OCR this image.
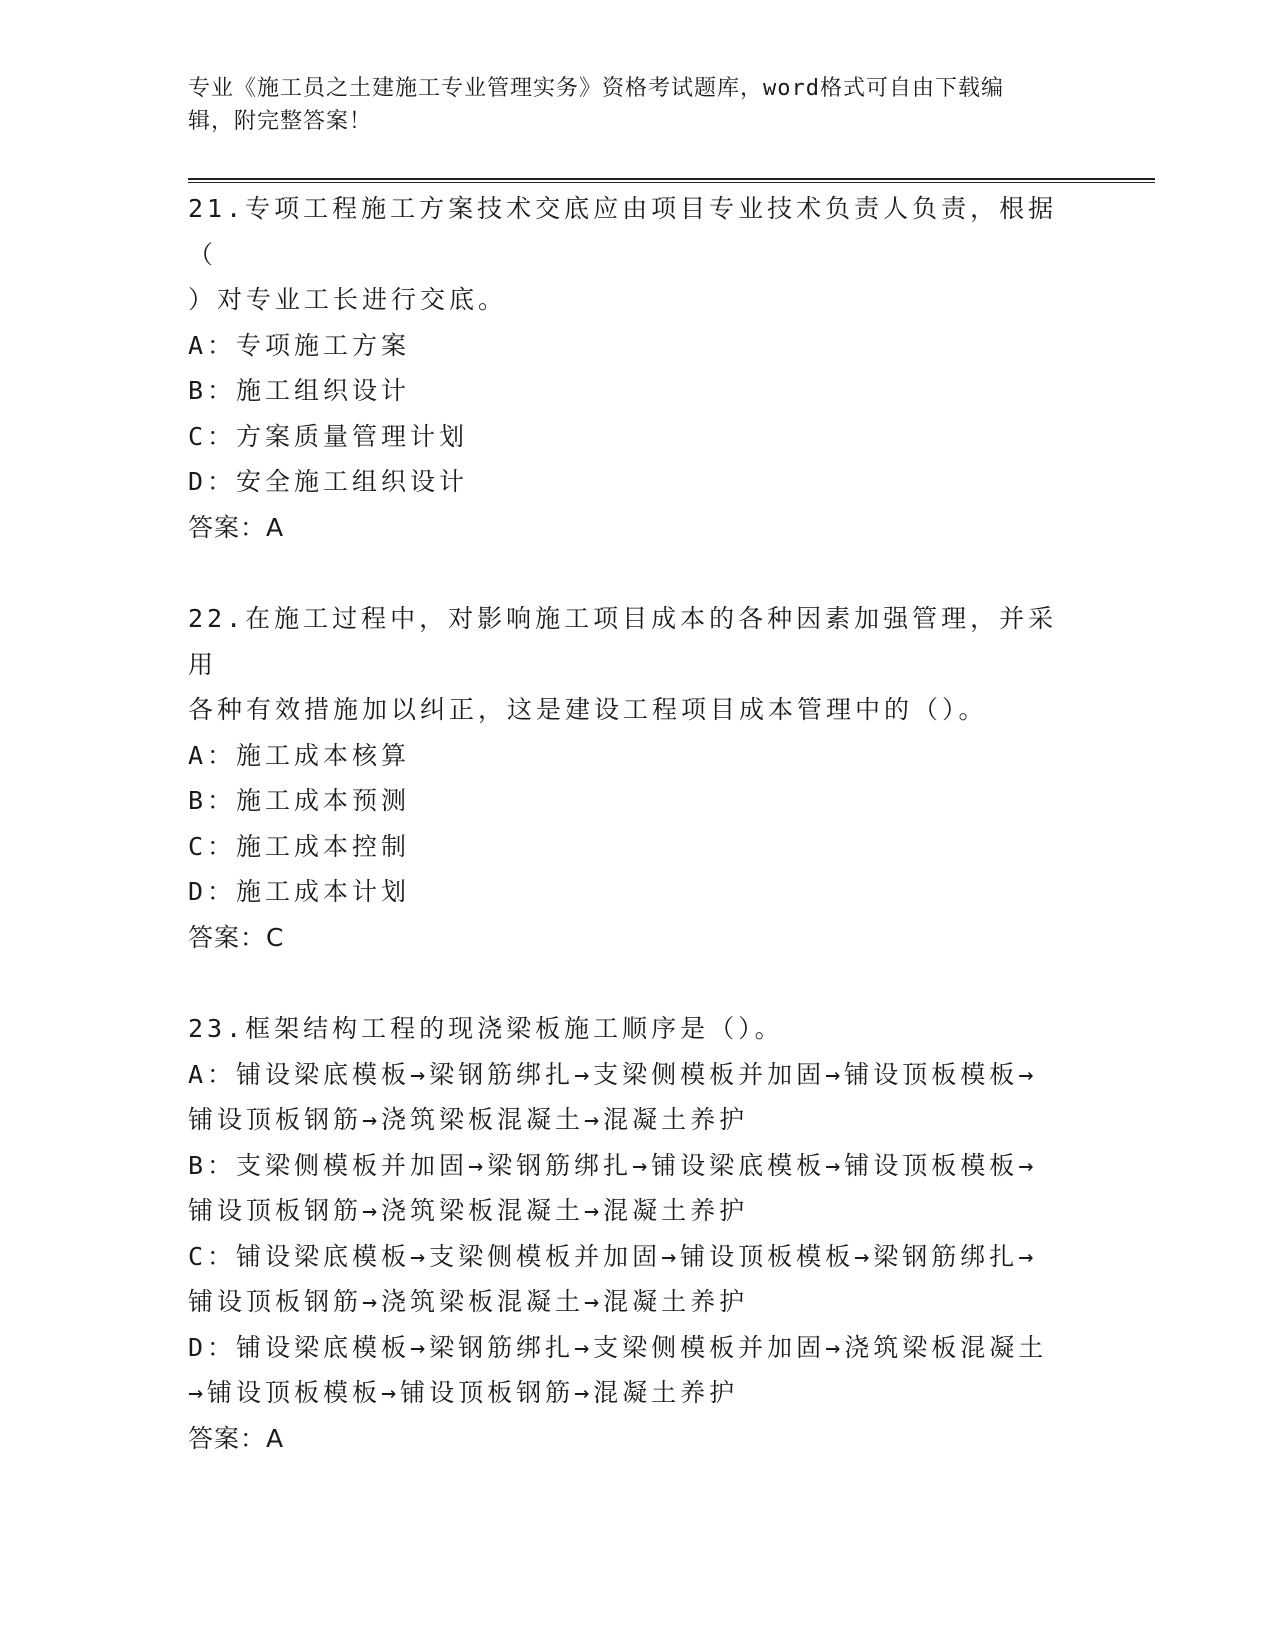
专业《施工员之土建施工专业管理实务》资格考试题库，word格式可自由下载编
辑，附完整答案！
21.专项工程施工方案技术交底应由项目专业技术负责人负责，根据（
）对专业工长进行交底。
A：专项施工方案
B：施工组织设计
C：方案质量管理计划
D：安全施工组织设计
答案：A
22.在施工过程中，对影响施工项目成本的各种因素加强管理，并采用
各种有效措施加以纠正，这是建设工程项目成本管理中的（）。
A：施工成本核算
B：施工成本预测
C：施工成本控制
D：施工成本计划
答案：C
23.框架结构工程的现浇梁板施工顺序是（）。
A：铺设梁底模板→梁钢筋绑扎→支梁侧模板并加固→铺设顶板模板→
铺设顶板钢筋→浇筑梁板混凝土→混凝土养护
B：支梁侧模板并加固→梁钢筋绑扎→铺设梁底模板→铺设顶板模板→
铺设顶板钢筋→浇筑梁板混凝土→混凝土养护
C：铺设梁底模板→支梁侧模板并加固→铺设顶板模板→梁钢筋绑扎→
铺设顶板钢筋→浇筑梁板混凝土→混凝土养护
D：铺设梁底模板→梁钢筋绑扎→支梁侧模板并加固→浇筑梁板混凝土
→铺设顶板模板→铺设顶板钢筋→混凝土养护
答案：A
